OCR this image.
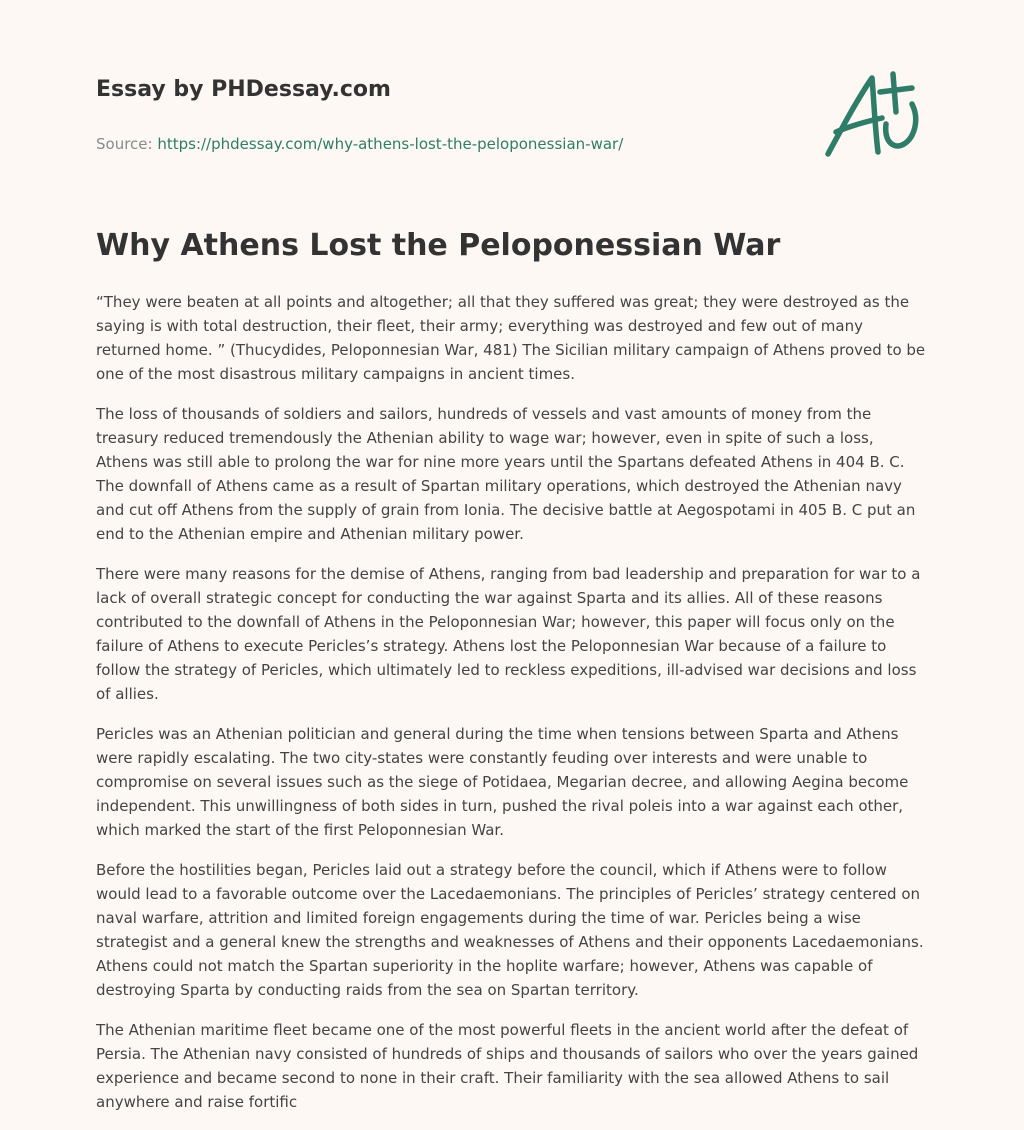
Essay by PHDessay.com
Source: https://phdessay.com/why-athens-lost-the-peloponessian-war/
Why Athens Lost the Peloponessian War

“They were beaten at all points and altogether; all that they suffered was great; they were destroyed as the saying is with total destruction, their fleet, their army; everything was destroyed and few out of many returned home. ” (Thucydides, Peloponnesian War, 481) The Sicilian military campaign of Athens proved to be one of the most disastrous military campaigns in ancient times.

The loss of thousands of soldiers and sailors, hundreds of vessels and vast amounts of money from the treasury reduced tremendously the Athenian ability to wage war; however, even in spite of such a loss, Athens was still able to prolong the war for nine more years until the Spartans defeated Athens in 404 B. C. The downfall of Athens came as a result of Spartan military operations, which destroyed the Athenian navy and cut off Athens from the supply of grain from Ionia. The decisive battle at Aegospotami in 405 B. C put an end to the Athenian empire and Athenian military power.

There were many reasons for the demise of Athens, ranging from bad leadership and preparation for war to a lack of overall strategic concept for conducting the war against Sparta and its allies. All of these reasons contributed to the downfall of Athens in the Peloponnesian War; however, this paper will focus only on the failure of Athens to execute Pericles’s strategy. Athens lost the Peloponnesian War because of a failure to follow the strategy of Pericles, which ultimately led to reckless expeditions, ill-advised war decisions and loss of allies.

Pericles was an Athenian politician and general during the time when tensions between Sparta and Athens were rapidly escalating. The two city-states were constantly feuding over interests and were unable to compromise on several issues such as the siege of Potidaea, Megarian decree, and allowing Aegina become independent. This unwillingness of both sides in turn, pushed the rival poleis into a war against each other, which marked the start of the first Peloponnesian War.

Before the hostilities began, Pericles laid out a strategy before the council, which if Athens were to follow would lead to a favorable outcome over the Lacedaemonians. The principles of Pericles’ strategy centered on naval warfare, attrition and limited foreign engagements during the time of war. Pericles being a wise strategist and a general knew the strengths and weaknesses of Athens and their opponents Lacedaemonians. Athens could not match the Spartan superiority in the hoplite warfare; however, Athens was capable of destroying Sparta by conducting raids from the sea on Spartan territory.

The Athenian maritime fleet became one of the most powerful fleets in the ancient world after the defeat of Persia. The Athenian navy consisted of hundreds of ships and thousands of sailors who over the years gained experience and became second to none in their craft. Their familiarity with the sea allowed Athens to sail anywhere and raise fortific
